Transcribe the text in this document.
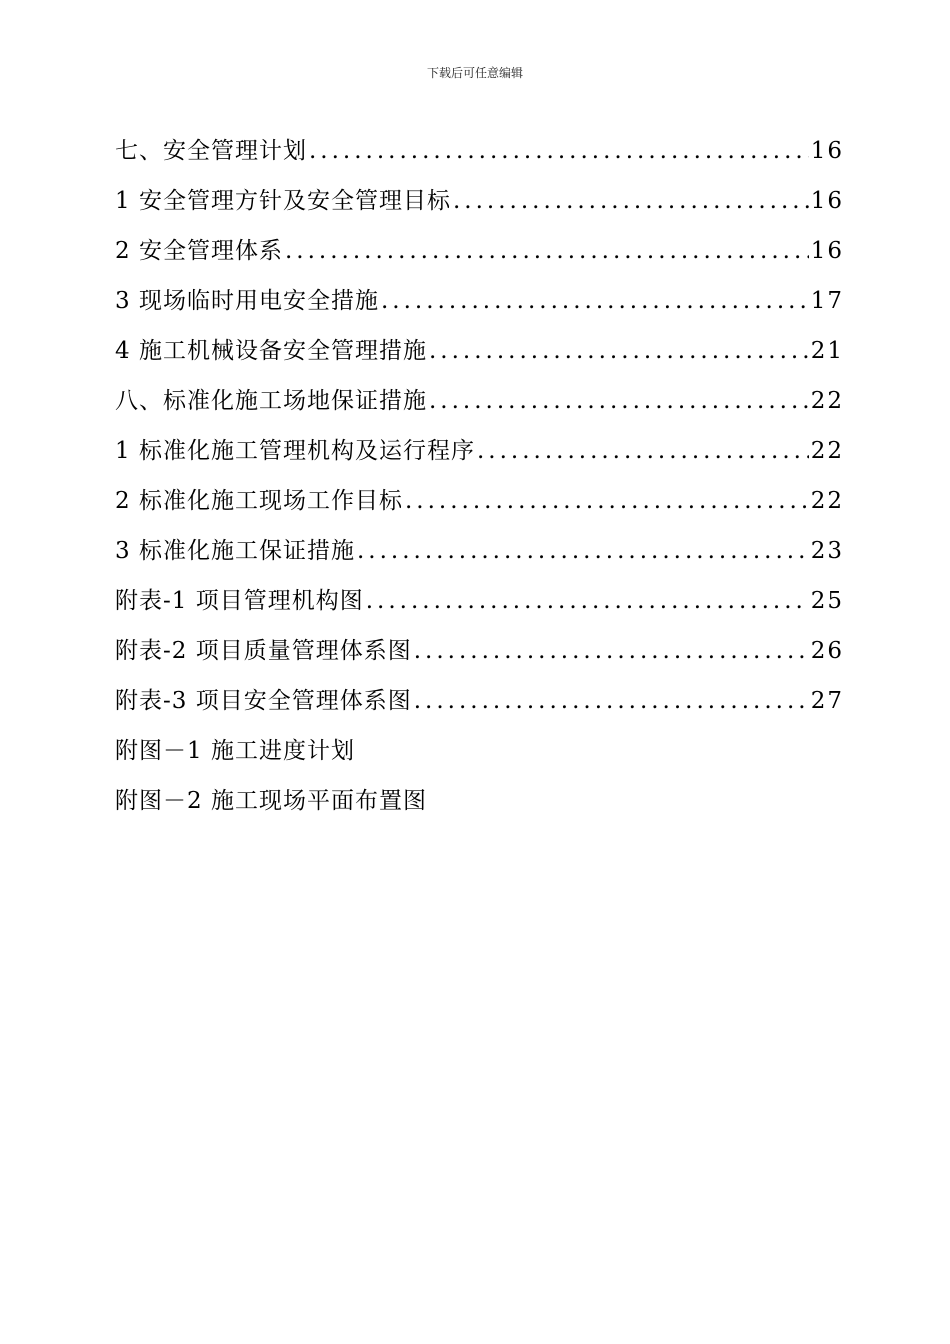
下载后可任意编辑
七、安全管理计划 .....	16
1 安全管理方针及安全管理目标 .....	16
2 安全管理体系 .....	16
3 现场临时用电安全措施 .....	17
4 施工机械设备安全管理措施 .....	21
八、标准化施工场地保证措施 .....	22
1 标准化施工管理机构及运行程序 .....	22
2 标准化施工现场工作目标 .....	22
3 标准化施工保证措施 .....	23
附表-1 项目管理机构图 .....	25
附表-2 项目质量管理体系图 .....	26
附表-3 项目安全管理体系图 .....	27
附图－1 施工进度计划
附图－2 施工现场平面布置图
